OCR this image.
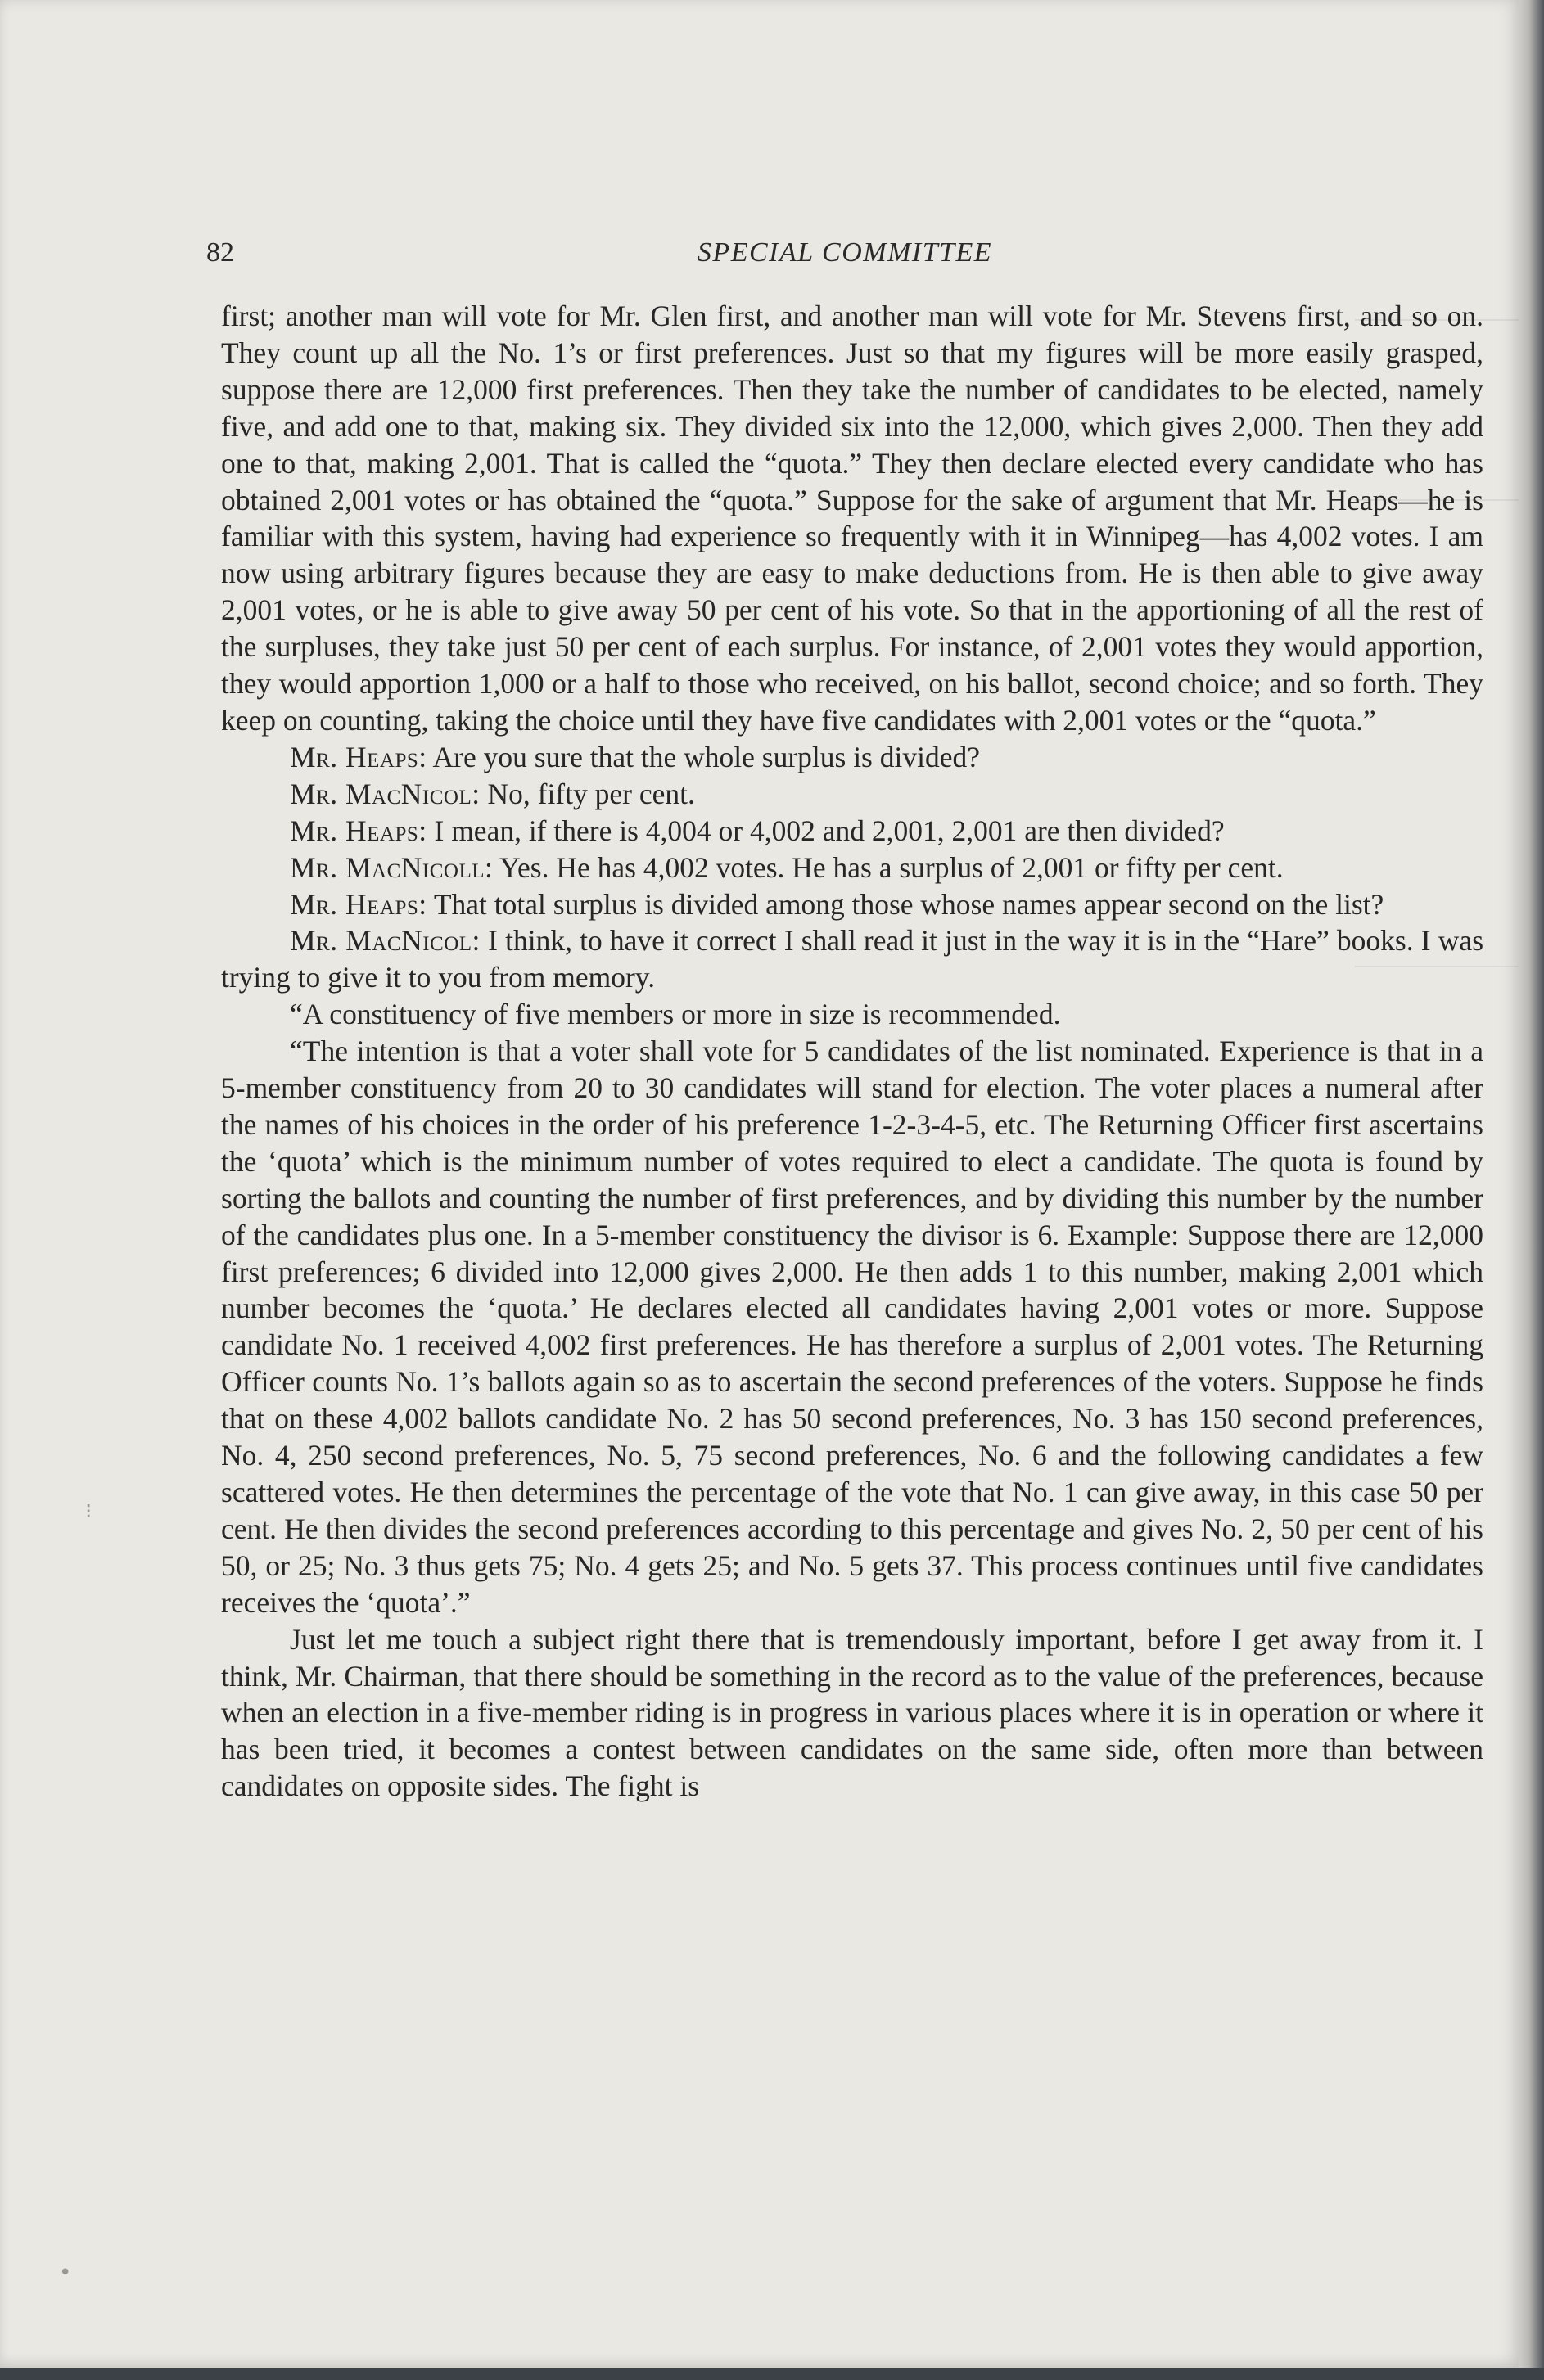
82	SPECIAL COMMITTEE
⁝
•

first; another man will vote for Mr. Glen first, and another man will vote for Mr. Stevens first, and so on. They count up all the No. 1’s or first preferences. Just so that my figures will be more easily grasped, suppose there are 12,000 first preferences. Then they take the number of candidates to be elected, namely five, and add one to that, making six. They divided six into the 12,000, which gives 2,000. Then they add one to that, making 2,001. That is called the “quota.” They then declare elected every candidate who has obtained 2,001 votes or has obtained the “quota.” Suppose for the sake of argument that Mr. Heaps—he is familiar with this system, having had experience so frequently with it in Winnipeg—has 4,002 votes. I am now using arbitrary figures because they are easy to make deductions from. He is then able to give away 2,001 votes, or he is able to give away 50 per cent of his vote. So that in the apportioning of all the rest of the surpluses, they take just 50 per cent of each surplus. For instance, of 2,001 votes they would apportion, they would apportion 1,000 or a half to those who received, on his ballot, second choice; and so forth. They keep on counting, taking the choice until they have five candidates with 2,001 votes or the “quota.”

Mr. Heaps: Are you sure that the whole surplus is divided?

Mr. MacNicol: No, fifty per cent.

Mr. Heaps: I mean, if there is 4,004 or 4,002 and 2,001, 2,001 are then divided?

Mr. MacNicoll: Yes. He has 4,002 votes. He has a surplus of 2,001 or fifty per cent.

Mr. Heaps: That total surplus is divided among those whose names appear second on the list?

Mr. MacNicol: I think, to have it correct I shall read it just in the way it is in the “Hare” books. I was trying to give it to you from memory.

“A constituency of five members or more in size is recommended.

“The intention is that a voter shall vote for 5 candidates of the list nominated. Experience is that in a 5-member constituency from 20 to 30 candidates will stand for election. The voter places a numeral after the names of his choices in the order of his preference 1-2-3-4-5, etc. The Returning Officer first ascertains the ‘quota’ which is the minimum number of votes required to elect a candidate. The quota is found by sorting the ballots and counting the number of first preferences, and by dividing this number by the number of the candidates plus one. In a 5-member constituency the divisor is 6. Example: Suppose there are 12,000 first preferences; 6 divided into 12,000 gives 2,000. He then adds 1 to this number, making 2,001 which number becomes the ‘quota.’ He declares elected all candidates having 2,001 votes or more. Suppose candidate No. 1 received 4,002 first preferences. He has therefore a surplus of 2,001 votes. The Returning Officer counts No. 1’s ballots again so as to ascertain the second preferences of the voters. Suppose he finds that on these 4,002 ballots candidate No. 2 has 50 second preferences, No. 3 has 150 second preferences, No. 4, 250 second preferences, No. 5, 75 second preferences, No. 6 and the following candidates a few scattered votes. He then determines the percentage of the vote that No. 1 can give away, in this case 50 per cent. He then divides the second preferences according to this percentage and gives No. 2, 50 per cent of his 50, or 25; No. 3 thus gets 75; No. 4 gets 25; and No. 5 gets 37. This process continues until five candidates receives the ‘quota’.”

Just let me touch a subject right there that is tremendously important, before I get away from it. I think, Mr. Chairman, that there should be something in the record as to the value of the preferences, because when an election in a five-member riding is in progress in various places where it is in operation or where it has been tried, it becomes a contest between candidates on the same side, often more than between candidates on opposite sides. The fight is
